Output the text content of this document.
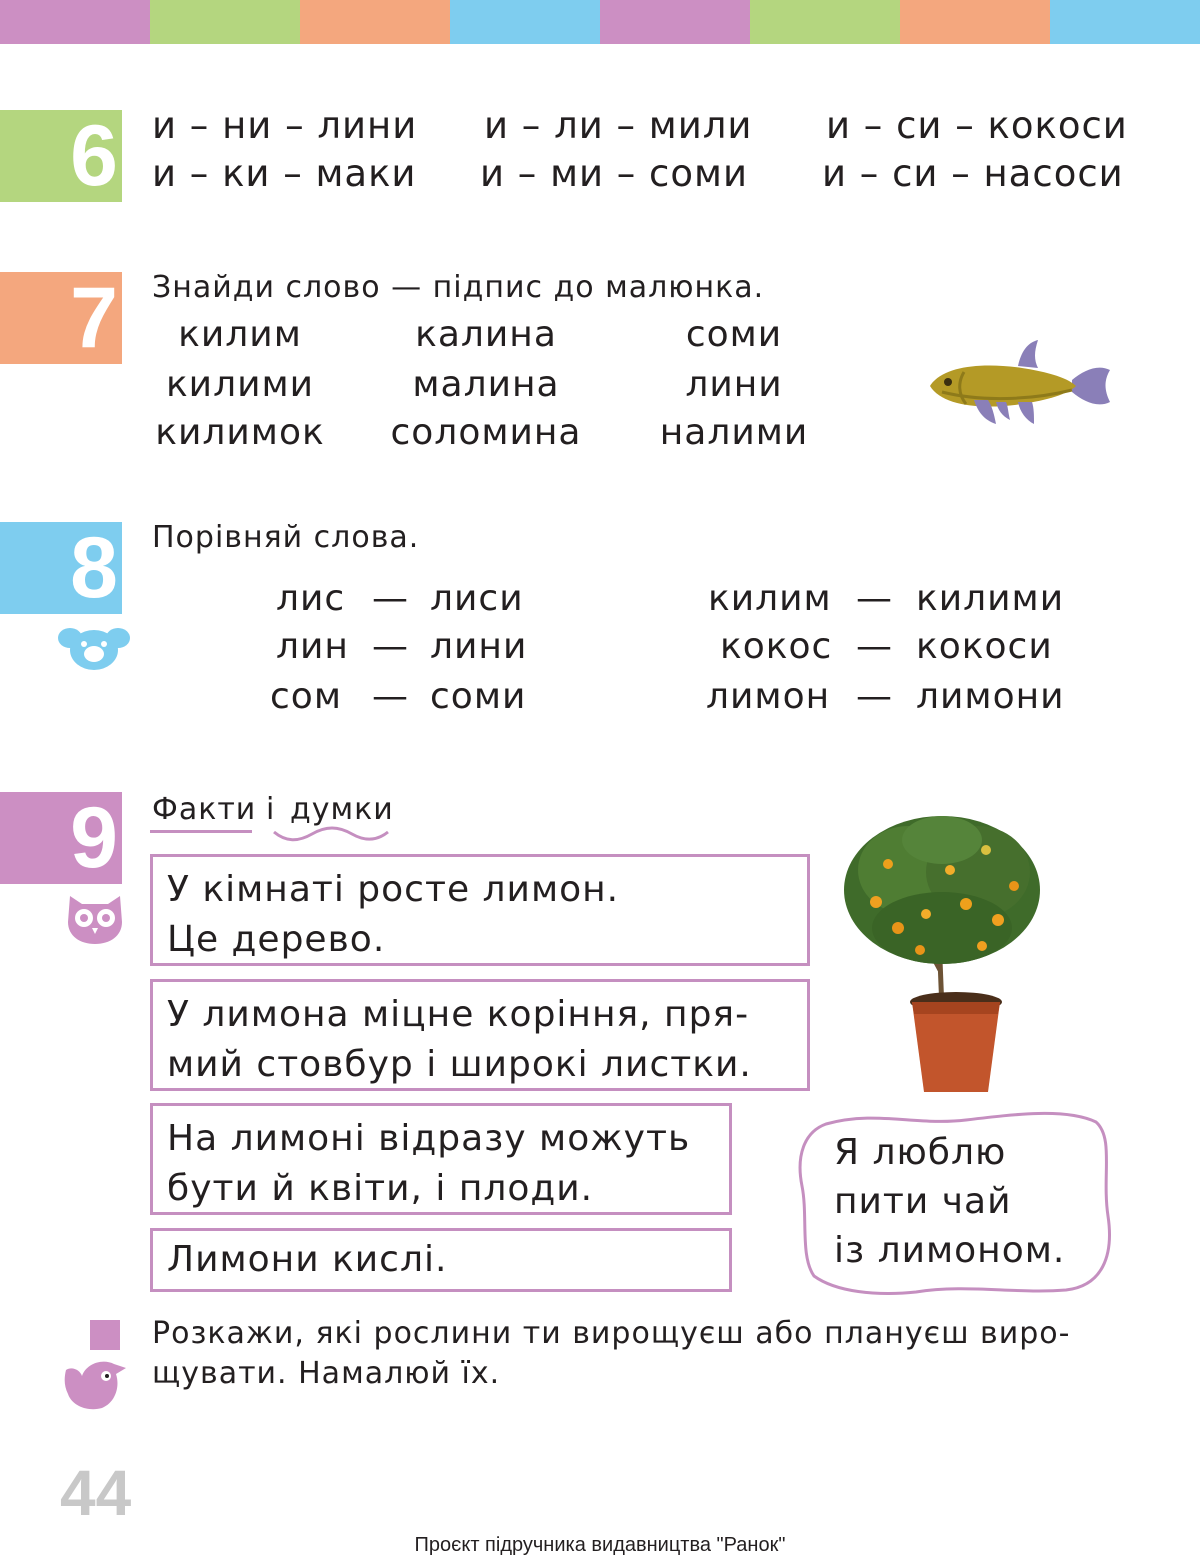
6 и – ни – лини и – ли – мили и – си – кокоси
и – ки – маки и – ми – соми и – си – насоси
7 Знайди слово — підпис до малюнка.
килим
килими
килимок
калина
малина
соломина
соми
лини
налими
8 Порівняй слова.
лис — лиси
лин — лини
сом — соми
килим — килими
кокос — кокоси
лимон — лимони
9 Факти і думки
У кімнаті росте лимон.
Це дерево.
У лимона міцне коріння, пря-
мий стовбур і широкі листки.
На лимоні відразу можуть
бути й квіти, і плоди.
Лимони кислі.
Я люблю
пити чай
із лимоном.
Розкажи, які рослини ти вирощуєш або плануєш виро-
щувати. Намалюй їх.
44
Проєкт підручника видавництва "Ранок"
